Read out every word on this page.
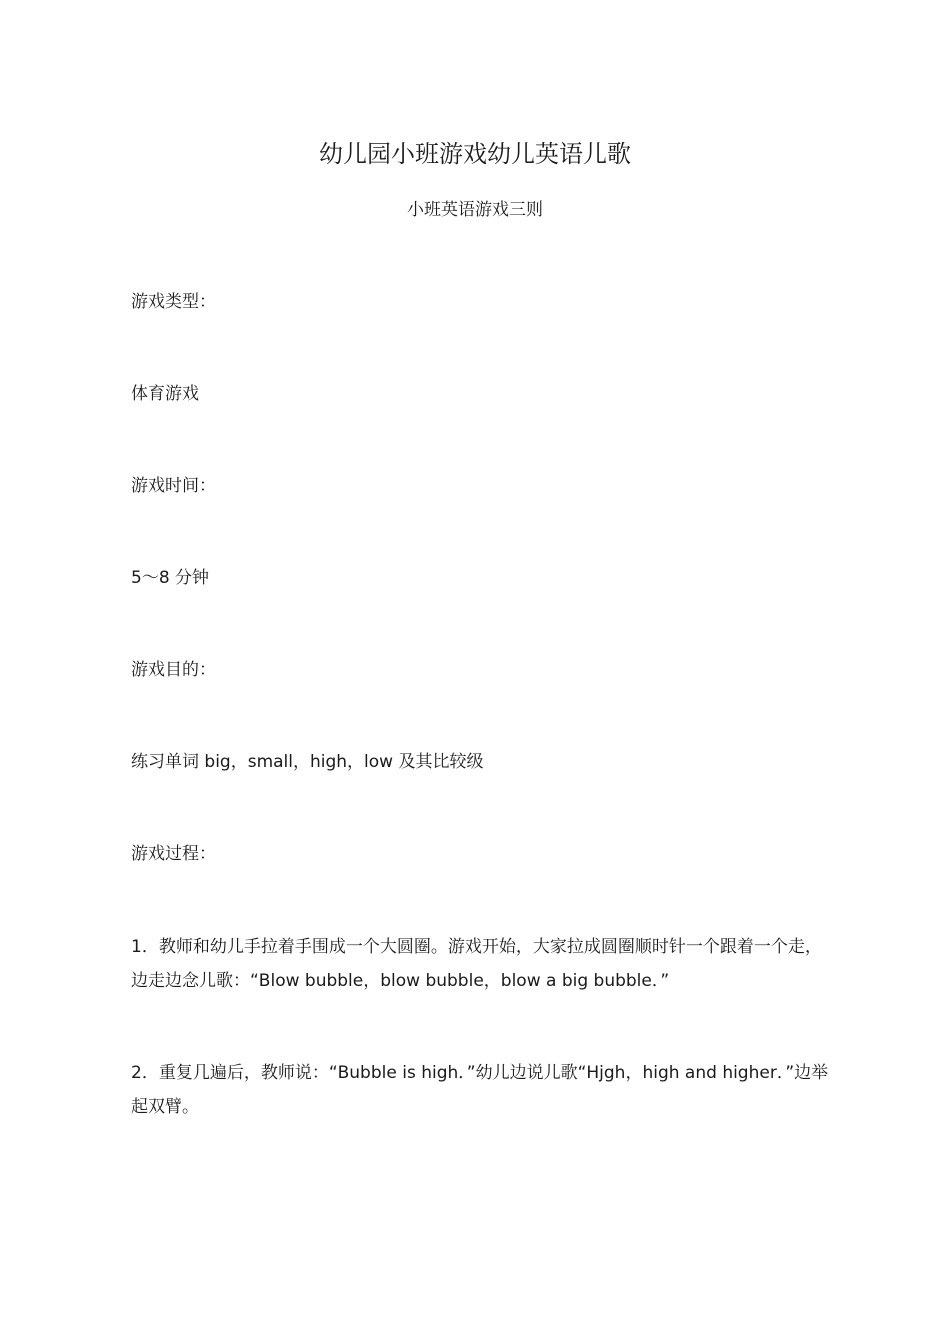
幼儿园小班游戏幼儿英语儿歌
小班英语游戏三则

游戏类型：

体育游戏

游戏时间：

5～8 分钟

游戏目的：

练习单词 big，small，high，low 及其比较级

游戏过程：

1．教师和幼儿手拉着手围成一个大圆圈。游戏开始，大家拉成圆圈顺时针一个跟着一个走，边走边念儿歌：“Blow bubble，blow bubble，blow a big bubble．”

2．重复几遍后，教师说：“Bubble is high．”幼儿边说儿歌“Hjgh，high and higher．”边举起双臂。
